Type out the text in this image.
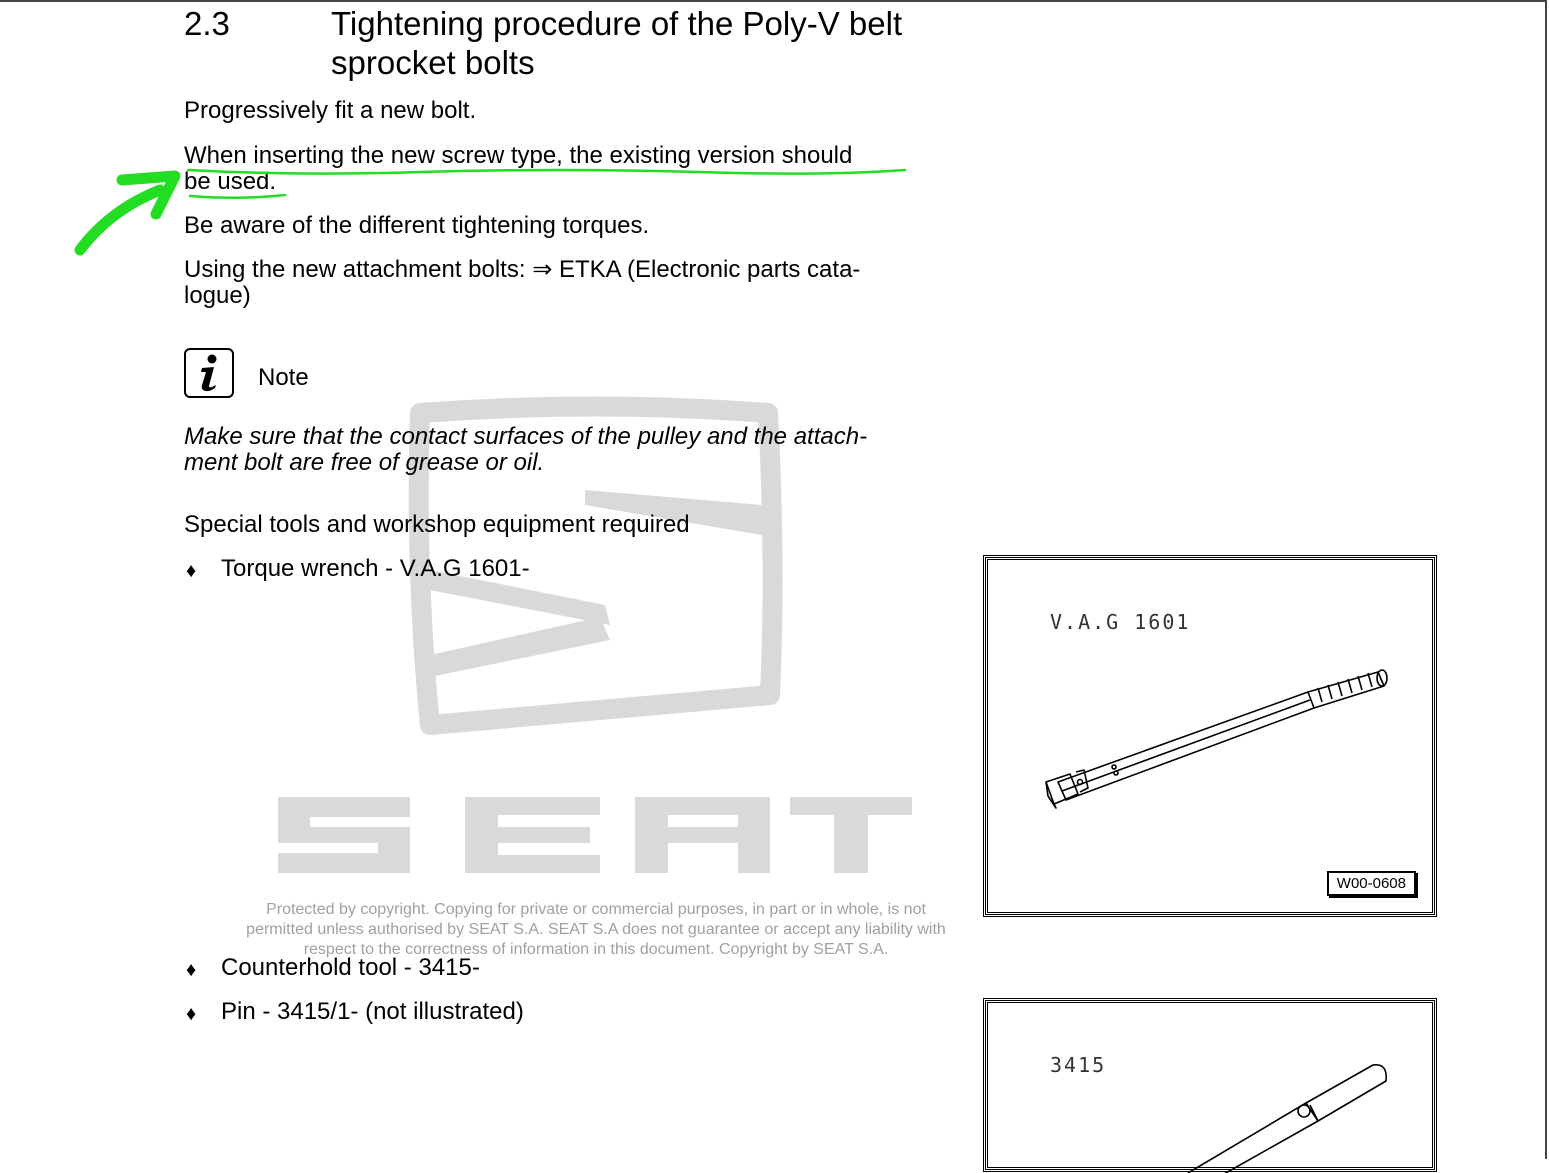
Protected by copyright. Copying for private or commercial purposes, in part or in whole, is not
permitted unless authorised by SEAT S.A. SEAT S.A does not guarantee or accept any liability with
respect to the correctness of information in this document. Copyright by SEAT S.A.
2.3	Tightening procedure of the Poly-V belt
sprocket bolts
Progressively fit a new bolt.
When inserting the new screw type, the existing version should
be used.
Be aware of the different tightening torques.
Using the new attachment bolts: ⇒ ETKA (Electronic parts cata-
logue)
Note
Make sure that the contact surfaces of the pulley and the attach-
ment bolt are free of grease or oil.
Special tools and workshop equipment required
♦ Torque wrench - V.A.G 1601-
♦ Counterhold tool - 3415-
♦ Pin - 3415/1- (not illustrated)
V.A.G 1601
W00-0608
3415
